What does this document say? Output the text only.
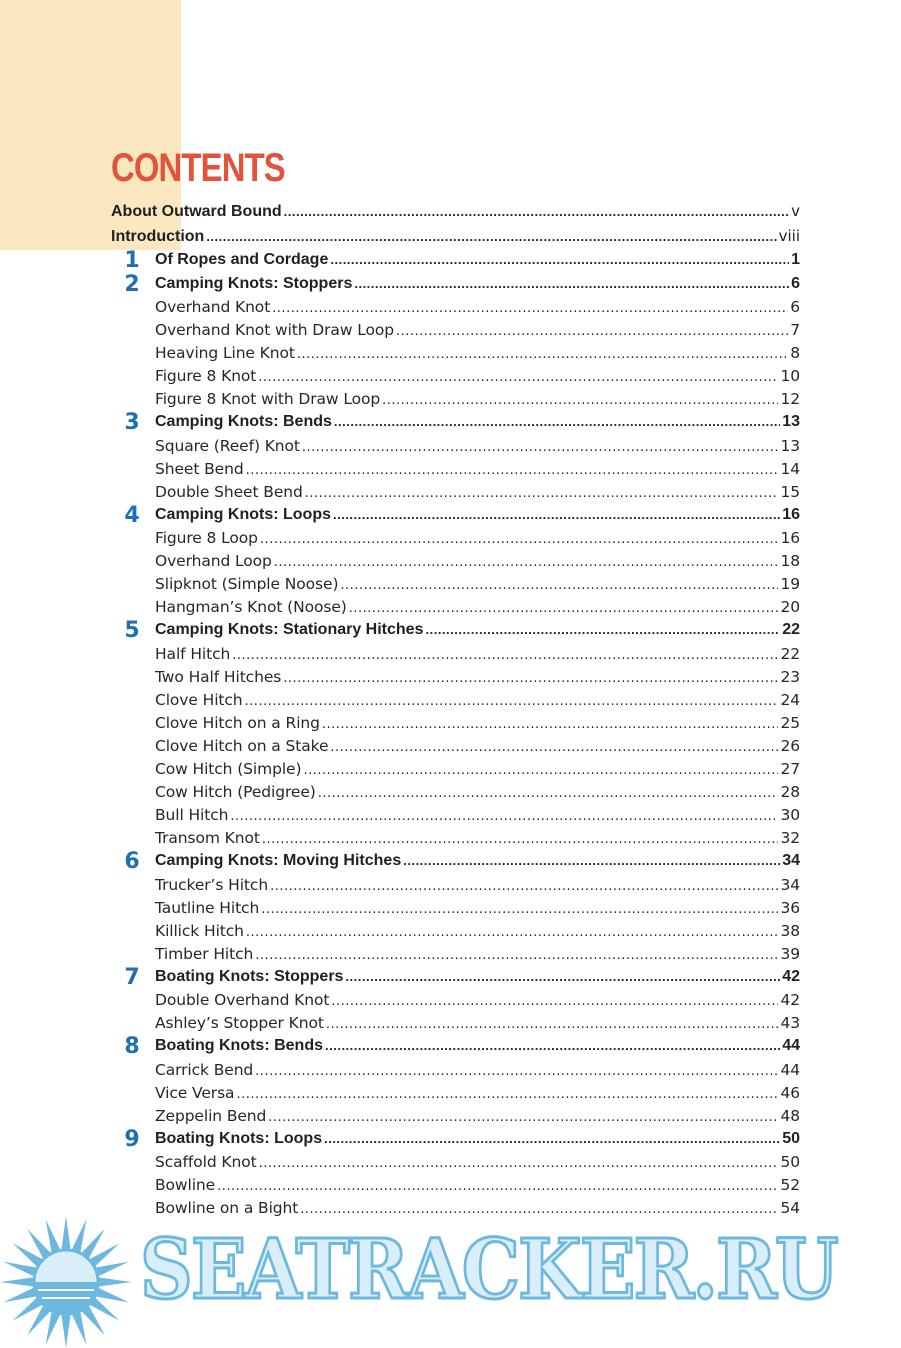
CONTENTS
About Outward Bound .....	v
Introduction .....	viii
1 Of Ropes and Cordage .....	1
2 Camping Knots: Stoppers .....	6
Overhand Knot .....	6
Overhand Knot with Draw Loop .....	7
Heaving Line Knot .....	8
Figure 8 Knot .....	10
Figure 8 Knot with Draw Loop .....	12
3 Camping Knots: Bends .....	13
Square (Reef) Knot .....	13
Sheet Bend .....	14
Double Sheet Bend .....	15
4 Camping Knots: Loops .....	16
Figure 8 Loop .....	16
Overhand Loop .....	18
Slipknot (Simple Noose) .....	19
Hangman’s Knot (Noose) .....	20
5 Camping Knots: Stationary Hitches .....	22
Half Hitch .....	22
Two Half Hitches .....	23
Clove Hitch .....	24
Clove Hitch on a Ring .....	25
Clove Hitch on a Stake .....	26
Cow Hitch (Simple) .....	27
Cow Hitch (Pedigree) .....	28
Bull Hitch .....	30
Transom Knot .....	32
6 Camping Knots: Moving Hitches .....	34
Trucker’s Hitch .....	34
Tautline Hitch .....	36
Killick Hitch .....	38
Timber Hitch .....	39
7 Boating Knots: Stoppers .....	42
Double Overhand Knot .....	42
Ashley’s Stopper Knot .....	43
8 Boating Knots: Bends .....	44
Carrick Bend .....	44
Vice Versa .....	46
Zeppelin Bend .....	48
9 Boating Knots: Loops .....	50
Scaffold Knot .....	50
Bowline .....	52
Bowline on a Bight .....	54
SEATRACKER.RU
